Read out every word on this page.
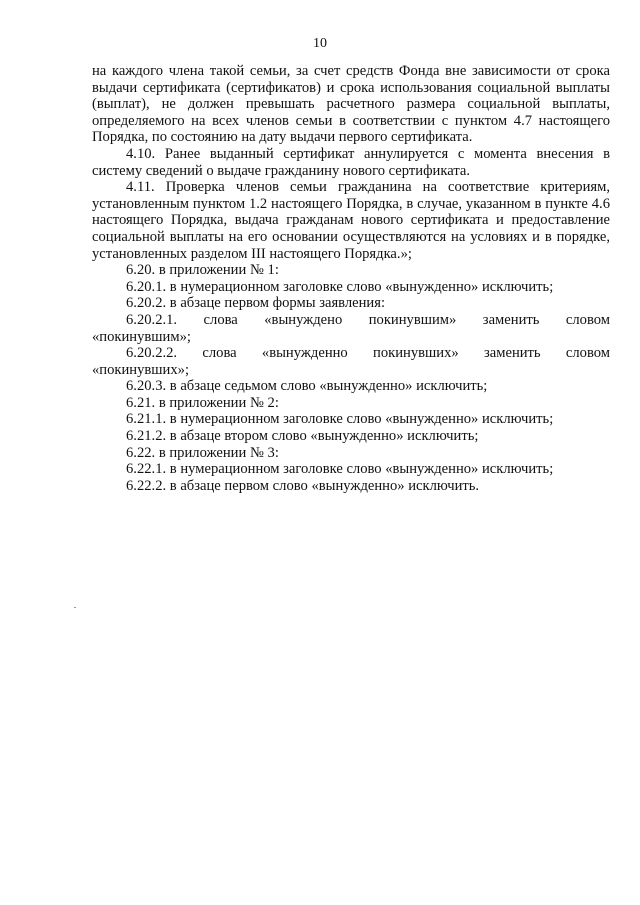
10

на каждого члена такой семьи, за счет средств Фонда вне зависимости от срока выдачи сертификата (сертификатов) и срока использования социальной выплаты (выплат), не должен превышать расчетного размера социальной выплаты, определяемого на всех членов семьи в соответствии с пунктом 4.7 настоящего Порядка, по состоянию на дату выдачи первого сертификата.

4.10. Ранее выданный сертификат аннулируется с момента внесения в систему сведений о выдаче гражданину нового сертификата.

4.11. Проверка членов семьи гражданина на соответствие критериям, установленным пунктом 1.2 настоящего Порядка, в случае, указанном в пункте 4.6 настоящего Порядка, выдача гражданам нового сертификата и предоставление социальной выплаты на его основании осуществляются на условиях и в порядке, установленных разделом III настоящего Порядка.»;

6.20. в приложении № 1:

6.20.1. в нумерационном заголовке слово «вынужденно» исключить;

6.20.2. в абзаце первом формы заявления:

6.20.2.1. слова «вынуждено покинувшим» заменить словом

«покинувшим»;

6.20.2.2. слова «вынужденно покинувших» заменить словом

«покинувших»;

6.20.3. в абзаце седьмом слово «вынужденно» исключить;

6.21. в приложении № 2:

6.21.1. в нумерационном заголовке слово «вынужденно» исключить;

6.21.2. в абзаце втором слово «вынужденно» исключить;

6.22. в приложении № 3:

6.22.1. в нумерационном заголовке слово «вынужденно» исключить;

6.22.2. в абзаце первом слово «вынужденно» исключить.
